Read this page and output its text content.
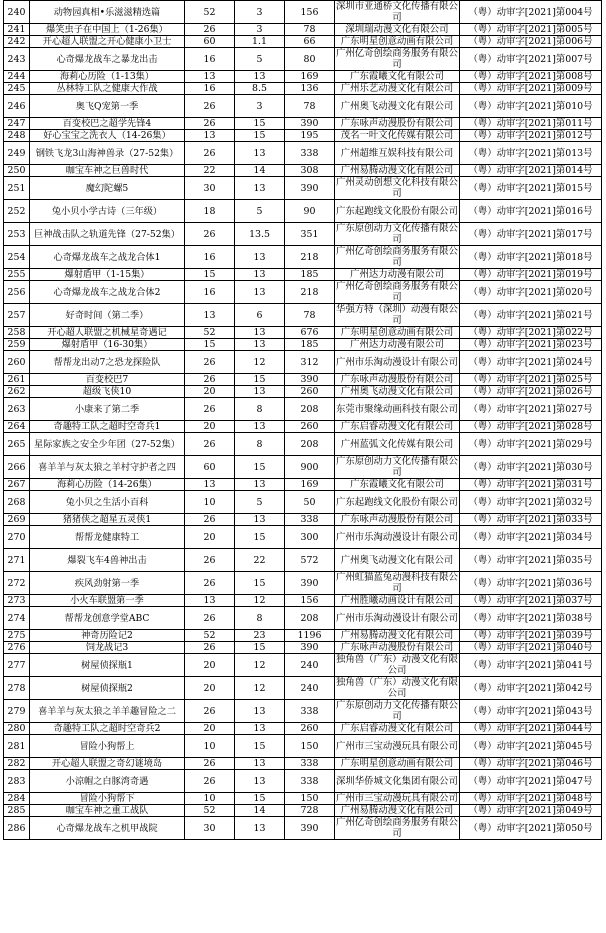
240	动物园真相•乐滋滋精选篇	52	3	156	深圳市亚通桥文化传播有限公司	（粤）动审字[2021]第004号
241	爆笑虫子在中国上（1-26集）	26	3	78	深圳瑞动漫文化有限公司	（粤）动审字[2021]第005号
242	开心超人联盟之开心健康小卫士	60	1.1	66	广东明星创意动画有限公司	（粤）动审字[2021]第006号
243	心奇爆龙战车之暴龙出击	16	5	80	广州亿奇创绘商务服务有限公司	（粤）动审字[2021]第007号
244	海莉心历险（1-13集）	13	13	169	广东霞曦文化有限公司	（粤）动审字[2021]第008号
245	丛林特工队之健康大作战	16	8.5	136	广州乐艺动漫文化有限公司	（粤）动审字[2021]第009号
246	奥飞Q宠第一季	26	3	78	广州奥飞动漫文化有限公司	（粤）动审字[2021]第010号
247	百变校巴之超学先锋4	26	15	390	广东咏声动漫股份有限公司	（粤）动审字[2021]第011号
248	好心宝宝之洗衣人（14-26集）	13	15	195	茂名一叶文化传媒有限公司	（粤）动审字[2021]第012号
249	钢铁飞龙3山海神兽录（27-52集）	26	13	338	广州超维互娱科技有限公司	（粤）动审字[2021]第013号
250	咖宝车神之巨兽时代	22	14	308	广州易腾动漫文化有限公司	（粤）动审字[2021]第014号
251	魔幻陀螺5	30	13	390	广州灵动创想文化科技有限公司	（粤）动审字[2021]第015号
252	兔小贝小学古诗（三年级）	18	5	90	广东起跑线文化股份有限公司	（粤）动审字[2021]第016号
253	巨神战击队之轨道先锋（27-52集）	26	13.5	351	广东原创动力文化传播有限公司	（粤）动审字[2021]第017号
254	心奇爆龙战车之战龙合体1	16	13	218	广州亿奇创绘商务服务有限公司	（粤）动审字[2021]第018号
255	爆射盾甲（1-15集）	15	13	185	广州达力动漫有限公司	（粤）动审字[2021]第019号
256	心奇爆龙战车之战龙合体2	16	13	218	广州亿奇创绘商务服务有限公司	（粤）动审字[2021]第020号
257	好奇时间（第二季）	13	6	78	华强方特（深圳）动漫有限公司	（粤）动审字[2021]第021号
258	开心超人联盟之机械星奇遇记	52	13	676	广东明星创意动画有限公司	（粤）动审字[2021]第022号
259	爆射盾甲（16-30集）	15	13	185	广州达力动漫有限公司	（粤）动审字[2021]第023号
260	帮帮龙出动7之恐龙探险队	26	12	312	广州市乐淘动漫设计有限公司	（粤）动审字[2021]第024号
261	百变校巴7	26	15	390	广东咏声动漫股份有限公司	（粤）动审字[2021]第025号
262	超级飞侠10	20	13	260	广州奥飞动漫文化有限公司	（粤）动审字[2021]第026号
263	小康来了第二季	26	8	208	东莞市聚缘动画科技有限公司	（粤）动审字[2021]第027号
264	奇趣特工队之超时空奇兵1	20	13	260	广东启睿动漫文化有限公司	（粤）动审字[2021]第028号
265	星际家族之安全少年团（27-52集）	26	8	208	广州蓝弧文化传媒有限公司	（粤）动审字[2021]第029号
266	喜羊羊与灰太狼之羊村守护者之四	60	15	900	广东原创动力文化传播有限公司	（粤）动审字[2021]第030号
267	海莉心历险（14-26集）	13	13	169	广东霞曦文化有限公司	（粤）动审字[2021]第031号
268	兔小贝之生活小百科	10	5	50	广东起跑线文化股份有限公司	（粤）动审字[2021]第032号
269	猪猪侠之超星五灵侠1	26	13	338	广东咏声动漫股份有限公司	（粤）动审字[2021]第033号
270	帮帮龙健康特工	20	15	300	广州市乐淘动漫设计有限公司	（粤）动审字[2021]第034号
271	爆裂飞车4兽神出击	26	22	572	广州奥飞动漫文化有限公司	（粤）动审字[2021]第035号
272	疾风劲射第一季	26	15	390	广州虹猫蓝兔动漫科技有限公司	（粤）动审字[2021]第036号
273	小火车联盟第一季	13	12	156	广州胜曦动画设计有限公司	（粤）动审字[2021]第037号
274	帮帮龙创意学堂ABC	26	8	208	广州市乐淘动漫设计有限公司	（粤）动审字[2021]第038号
275	神奇历险记2	52	23	1196	广州易腾动漫文化有限公司	（粤）动审字[2021]第039号
276	饲龙战记3	26	15	390	广东咏声动漫股份有限公司	（粤）动审字[2021]第040号
277	树屋侦探瓶1	20	12	240	独角兽（广东）动漫文化有限公司	（粤）动审字[2021]第041号
278	树屋侦探瓶2	20	12	240	独角兽（广东）动漫文化有限公司	（粤）动审字[2021]第042号
279	喜羊羊与灰太狼之羊羊趣冒险之二	26	13	338	广东原创动力文化传播有限公司	（粤）动审字[2021]第043号
280	奇趣特工队之超时空奇兵2	20	13	260	广东启睿动漫文化有限公司	（粤）动审字[2021]第044号
281	冒险小狗帮上	10	15	150	广州市三宝动漫玩具有限公司	（粤）动审字[2021]第045号
282	开心超人联盟之奇幻谜境岛	26	13	338	广东明星创意动画有限公司	（粤）动审字[2021]第046号
283	小涼帽之白豚湾奇遇	26	13	338	深圳华侨城文化集团有限公司	（粤）动审字[2021]第047号
284	冒险小狗帮下	10	15	150	广州市三宝动漫玩具有限公司	（粤）动审字[2021]第048号
285	咖宝车神之重工战队	52	14	728	广州易腾动漫文化有限公司	（粤）动审字[2021]第049号
286	心奇爆龙战车之机甲战院	30	13	390	广州亿奇创绘商务服务有限公司	（粤）动审字[2021]第050号
